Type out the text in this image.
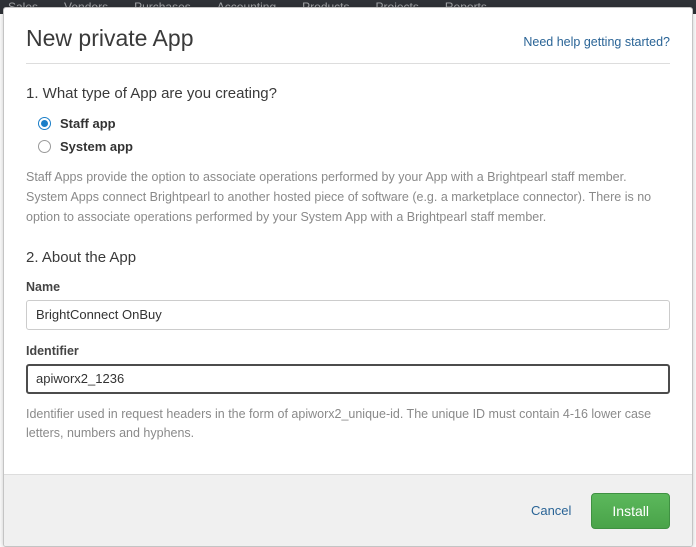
New private App	Need help getting started?
1. What type of App are you creating?
Staff app
System app

Staff Apps provide the option to associate operations performed by your App with a Brightpearl staff member. System Apps connect Brightpearl to another hosted piece of software (e.g. a marketplace connector). There is no option to associate operations performed by your System App with a Brightpearl staff member.

2. About the App
Name
BrightConnect OnBuy
Identifier
apiworx2_1236

Identifier used in request headers in the form of apiworx2_unique-id. The unique ID must contain 4-16 lower case letters, numbers and hyphens.

Cancel	Install
